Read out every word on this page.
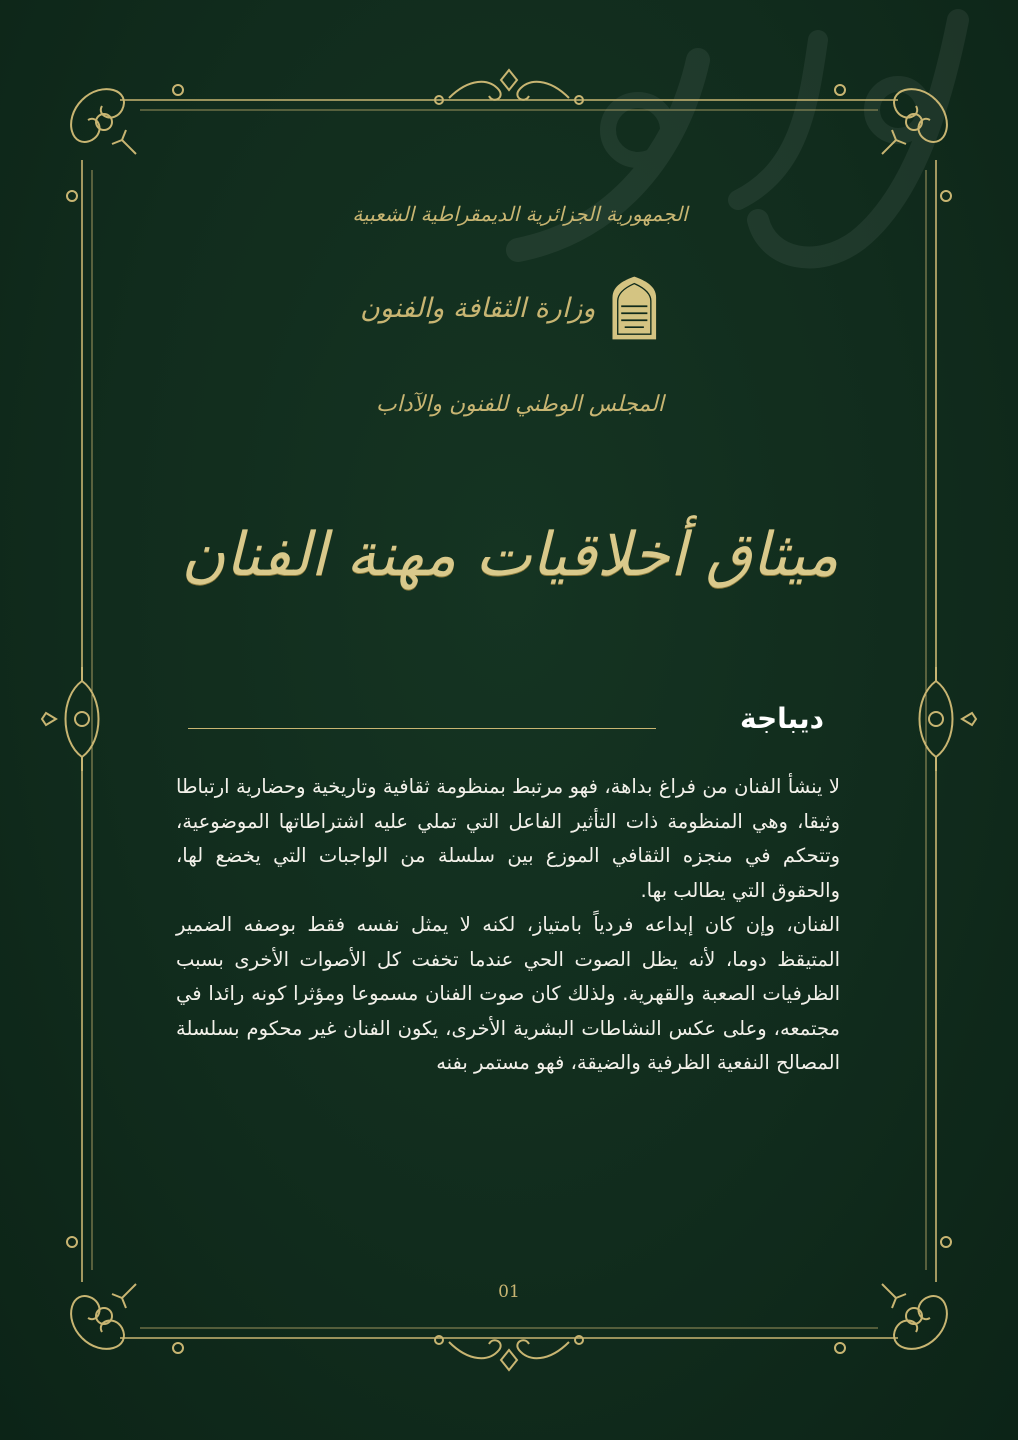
الجمهورية الجزائرية الديمقراطية الشعبية
وزارة الثقافة والفنون
المجلس الوطني للفنون والآداب
ميثاق أخلاقيات مهنة الفنان
ديباجة

لا ينشأ الفنان من فراغ بداهة، فهو مرتبط بمنظومة ثقافية وتاريخية وحضارية ارتباطا وثيقا، وهي المنظومة ذات التأثير الفاعل التي تملي عليه اشتراطاتها الموضوعية، وتتحكم في منجزه الثقافي الموزع بين سلسلة من الواجبات التي يخضع لها، والحقوق التي يطالب بها.

الفنان، وإن كان إبداعه فردياً بامتياز، لكنه لا يمثل نفسه فقط بوصفه الضمير المتيقظ دوما، لأنه يظل الصوت الحي عندما تخفت كل الأصوات الأخرى بسبب الظرفيات الصعبة والقهرية. ولذلك كان صوت الفنان مسموعا ومؤثرا كونه رائدا في مجتمعه، وعلى عكس النشاطات البشرية الأخرى، يكون الفنان غير محكوم بسلسلة المصالح النفعية الظرفية والضيقة، فهو مستمر بفنه

01
